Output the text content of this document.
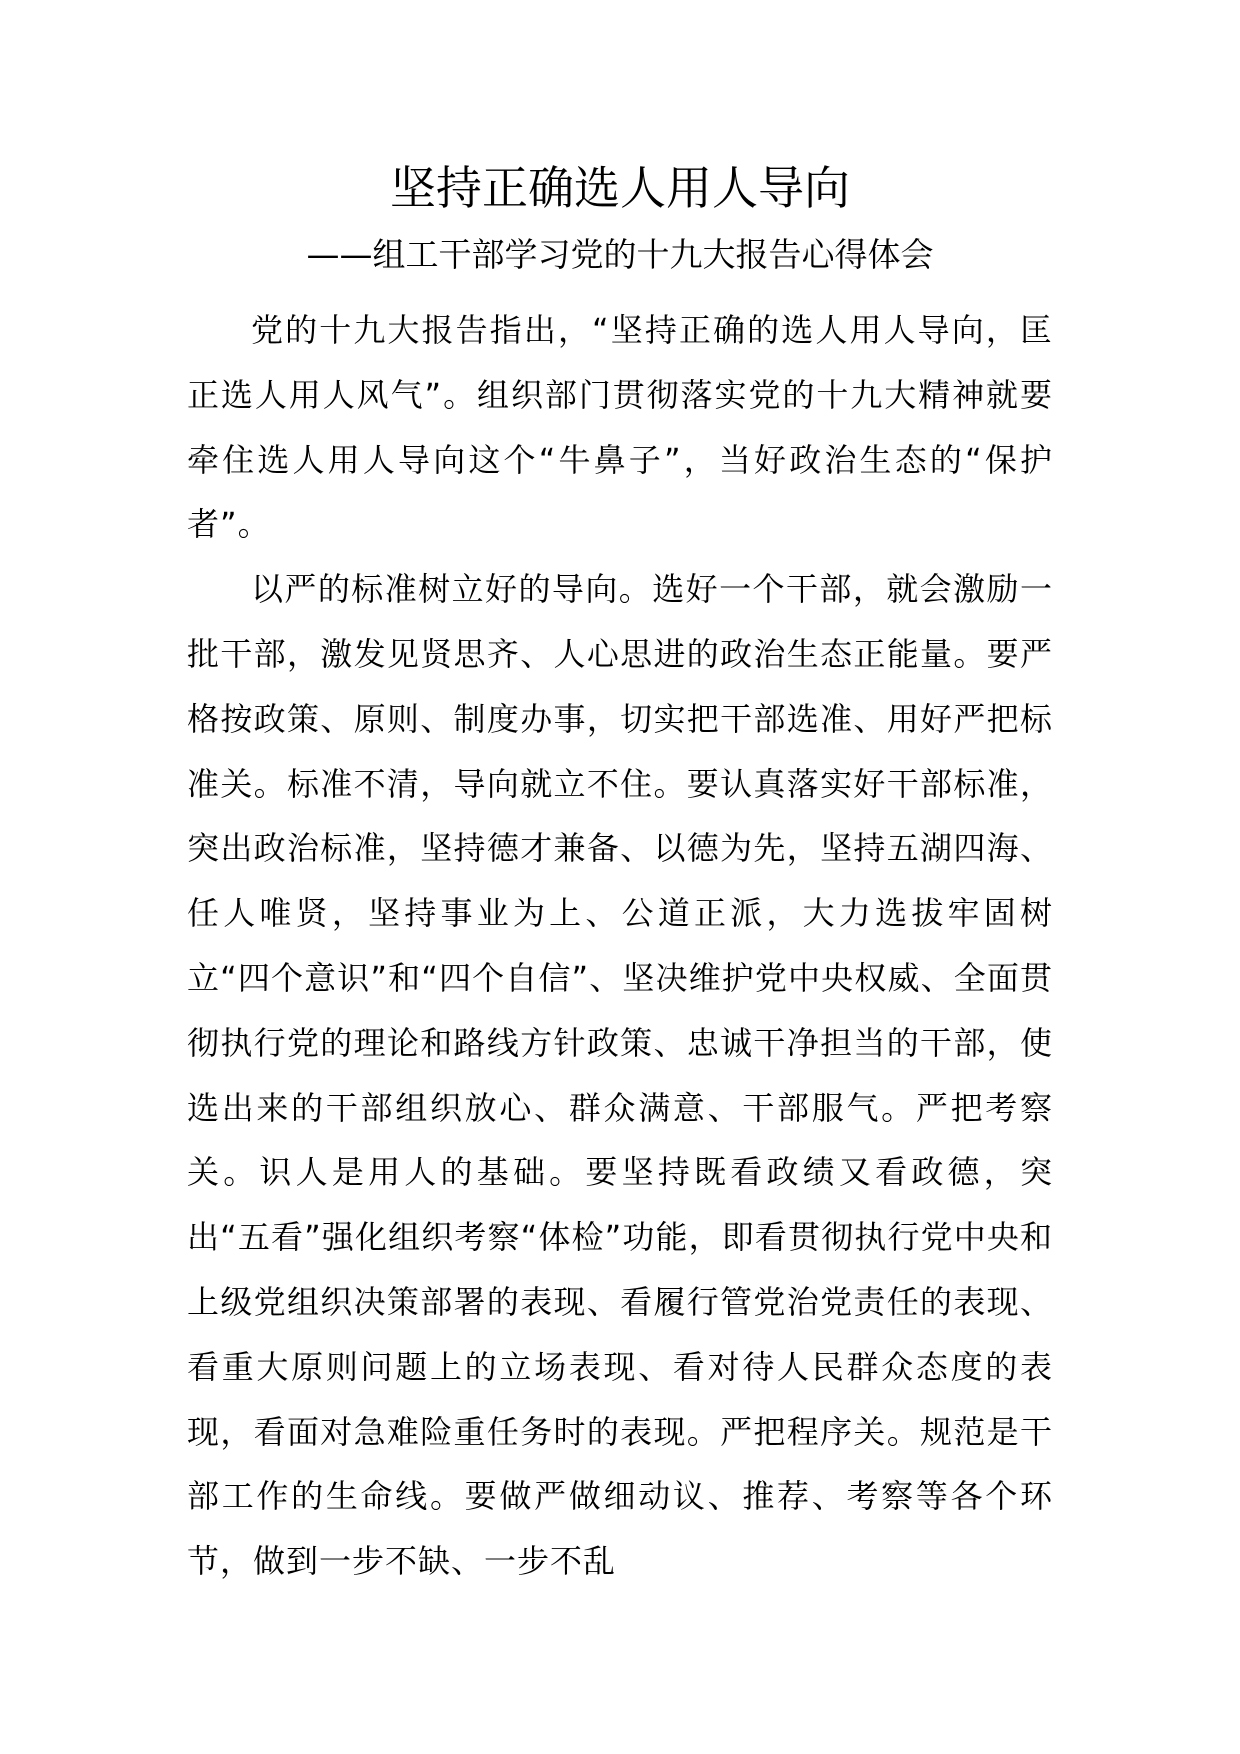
坚持正确选人用人导向
——组工干部学习党的十九大报告心得体会

党的十九大报告指出，“坚持正确的选人用人导向，匡正选人用人风气”。组织部门贯彻落实党的十九大精神就要牵住选人用人导向这个“牛鼻子”，当好政治生态的“保护者”。

以严的标准树立好的导向。选好一个干部，就会激励一批干部，激发见贤思齐、人心思进的政治生态正能量。要严格按政策、原则、制度办事，切实把干部选准、用好严把标准关。标准不清，导向就立不住。要认真落实好干部标准，突出政治标准，坚持德才兼备、以德为先，坚持五湖四海、任人唯贤，坚持事业为上、公道正派，大力选拔牢固树立“四个意识”和“四个自信”、坚决维护党中央权威、全面贯彻执行党的理论和路线方针政策、忠诚干净担当的干部，使选出来的干部组织放心、群众满意、干部服气。严把考察关。识人是用人的基础。要坚持既看政绩又看政德，突出“五看”强化组织考察“体检”功能，即看贯彻执行党中央和上级党组织决策部署的表现、看履行管党治党责任的表现、看重大原则问题上的立场表现、看对待人民群众态度的表现，看面对急难险重任务时的表现。严把程序关。规范是干部工作的生命线。要做严做细动议、推荐、考察等各个环节，做到一步不缺、一步不乱
